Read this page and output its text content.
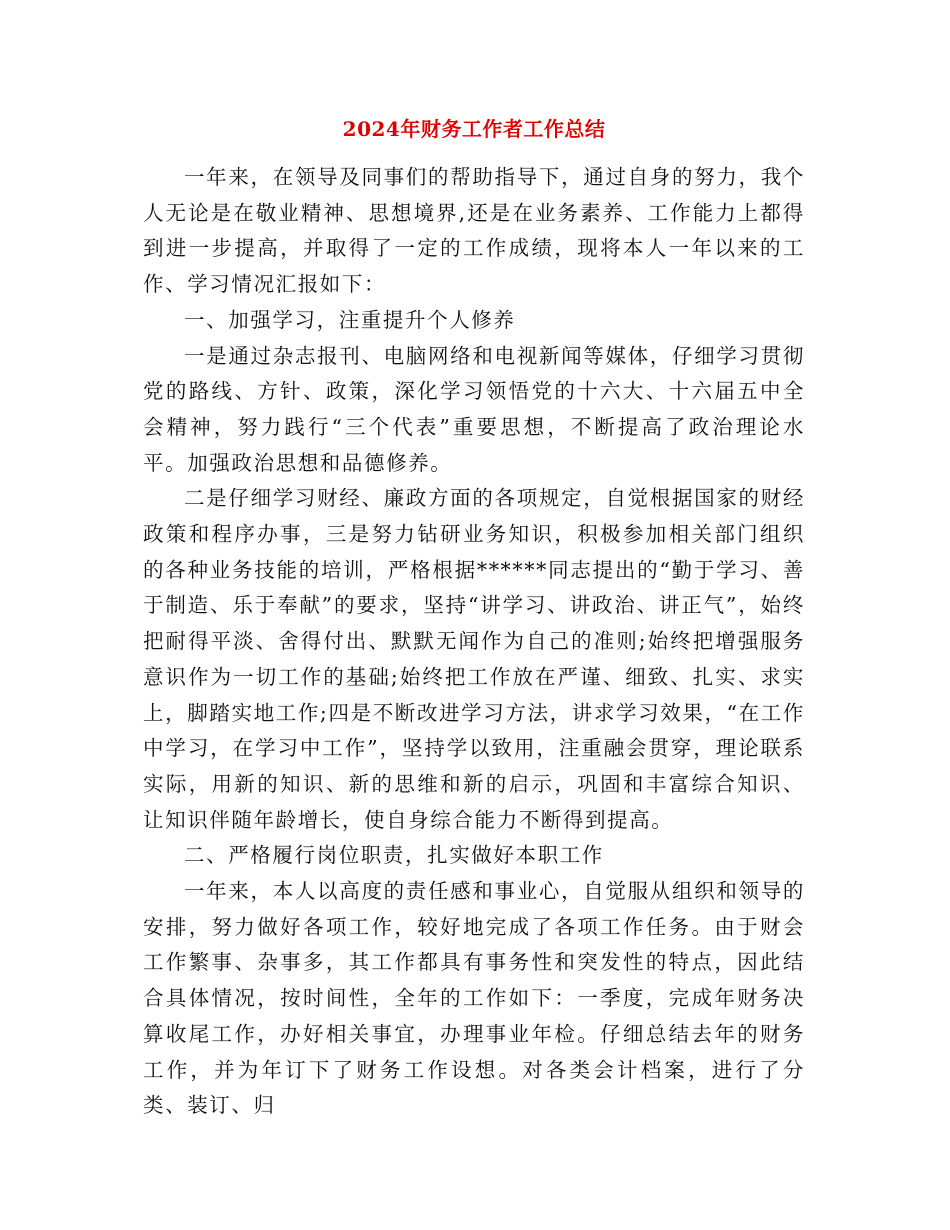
2024年财务工作者工作总结

一年来，在领导及同事们的帮助指导下，通过自身的努力，我个人无论是在敬业精神、思想境界,还是在业务素养、工作能力上都得到进一步提高，并取得了一定的工作成绩，现将本人一年以来的工作、学习情况汇报如下：

一、加强学习，注重提升个人修养

一是通过杂志报刊、电脑网络和电视新闻等媒体，仔细学习贯彻党的路线、方针、政策，深化学习领悟党的十六大、十六届五中全会精神，努力践行“三个代表”重要思想，不断提高了政治理论水平。加强政治思想和品德修养。

二是仔细学习财经、廉政方面的各项规定，自觉根据国家的财经政策和程序办事，三是努力钻研业务知识，积极参加相关部门组织的各种业务技能的培训，严格根据******同志提出的“勤于学习、善于制造、乐于奉献”的要求，坚持“讲学习、讲政治、讲正气”，始终把耐得平淡、舍得付出、默默无闻作为自己的准则;始终把增强服务意识作为一切工作的基础;始终把工作放在严谨、细致、扎实、求实上，脚踏实地工作;四是不断改进学习方法，讲求学习效果，“在工作中学习，在学习中工作”，坚持学以致用，注重融会贯穿，理论联系实际，用新的知识、新的思维和新的启示，巩固和丰富综合知识、让知识伴随年龄增长，使自身综合能力不断得到提高。

二、严格履行岗位职责，扎实做好本职工作

一年来，本人以高度的责任感和事业心，自觉服从组织和领导的安排，努力做好各项工作，较好地完成了各项工作任务。由于财会工作繁事、杂事多，其工作都具有事务性和突发性的特点，因此结合具体情况，按时间性，全年的工作如下：一季度，完成年财务决算收尾工作，办好相关事宜，办理事业年检。仔细总结去年的财务工作，并为年订下了财务工作设想。对各类会计档案，进行了分类、装订、归
